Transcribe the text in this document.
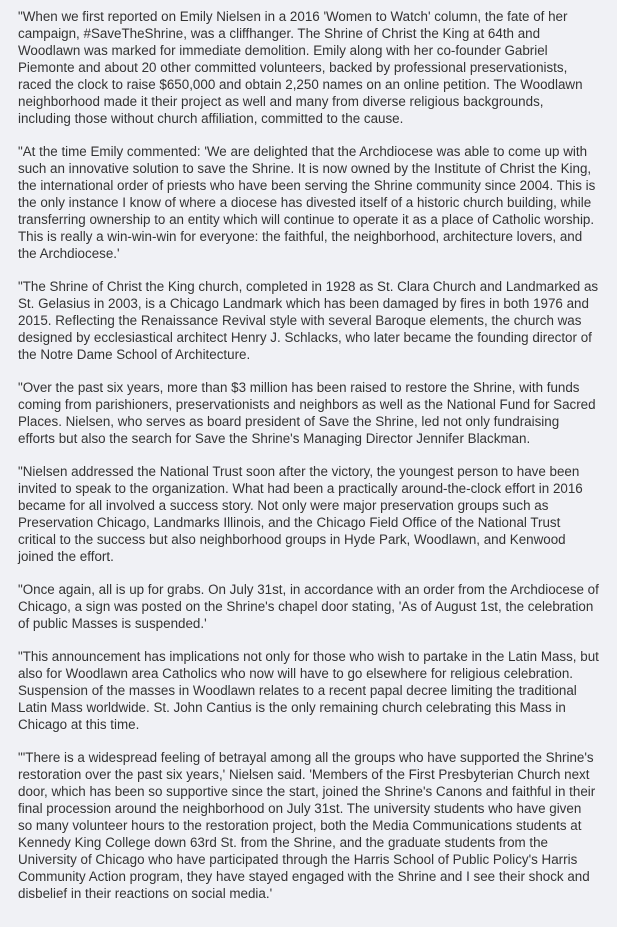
"When we first reported on Emily Nielsen in a 2016 'Women to Watch' column, the fate of her campaign, #SaveTheShrine, was a cliffhanger. The Shrine of Christ the King at 64th and Woodlawn was marked for immediate demolition. Emily along with her co-founder Gabriel Piemonte and about 20 other committed volunteers, backed by professional preservationists, raced the clock to raise $650,000 and obtain 2,250 names on an online petition. The Woodlawn neighborhood made it their project as well and many from diverse religious backgrounds, including those without church affiliation, committed to the cause.

"At the time Emily commented: 'We are delighted that the Archdiocese was able to come up with such an innovative solution to save the Shrine. It is now owned by the Institute of Christ the King, the international order of priests who have been serving the Shrine community since 2004. This is the only instance I know of where a diocese has divested itself of a historic church building, while transferring ownership to an entity which will continue to operate it as a place of Catholic worship. This is really a win-win-win for everyone: the faithful, the neighborhood, architecture lovers, and the Archdiocese.'

"The Shrine of Christ the King church, completed in 1928 as St. Clara Church and Landmarked as St. Gelasius in 2003, is a Chicago Landmark which has been damaged by fires in both 1976 and 2015. Reflecting the Renaissance Revival style with several Baroque elements, the church was designed by ecclesiastical architect Henry J. Schlacks, who later became the founding director of the Notre Dame School of Architecture.

"Over the past six years, more than $3 million has been raised to restore the Shrine, with funds coming from parishioners, preservationists and neighbors as well as the National Fund for Sacred Places. Nielsen, who serves as board president of Save the Shrine, led not only fundraising efforts but also the search for Save the Shrine's Managing Director Jennifer Blackman.

"Nielsen addressed the National Trust soon after the victory, the youngest person to have been invited to speak to the organization. What had been a practically around-the-clock effort in 2016 became for all involved a success story. Not only were major preservation groups such as Preservation Chicago, Landmarks Illinois, and the Chicago Field Office of the National Trust critical to the success but also neighborhood groups in Hyde Park, Woodlawn, and Kenwood joined the effort.

"Once again, all is up for grabs. On July 31st, in accordance with an order from the Archdiocese of Chicago, a sign was posted on the Shrine's chapel door stating, 'As of August 1st, the celebration of public Masses is suspended.'

"This announcement has implications not only for those who wish to partake in the Latin Mass, but also for Woodlawn area Catholics who now will have to go elsewhere for religious celebration. Suspension of the masses in Woodlawn relates to a recent papal decree limiting the traditional Latin Mass worldwide. St. John Cantius is the only remaining church celebrating this Mass in Chicago at this time.

"'There is a widespread feeling of betrayal among all the groups who have supported the Shrine's restoration over the past six years,' Nielsen said. 'Members of the First Presbyterian Church next door, which has been so supportive since the start, joined the Shrine's Canons and faithful in their final procession around the neighborhood on July 31st. The university students who have given so many volunteer hours to the restoration project, both the Media Communications students at Kennedy King College down 63rd St. from the Shrine, and the graduate students from the University of Chicago who have participated through the Harris School of Public Policy's Harris Community Action program, they have stayed engaged with the Shrine and I see their shock and disbelief in their reactions on social media.'
